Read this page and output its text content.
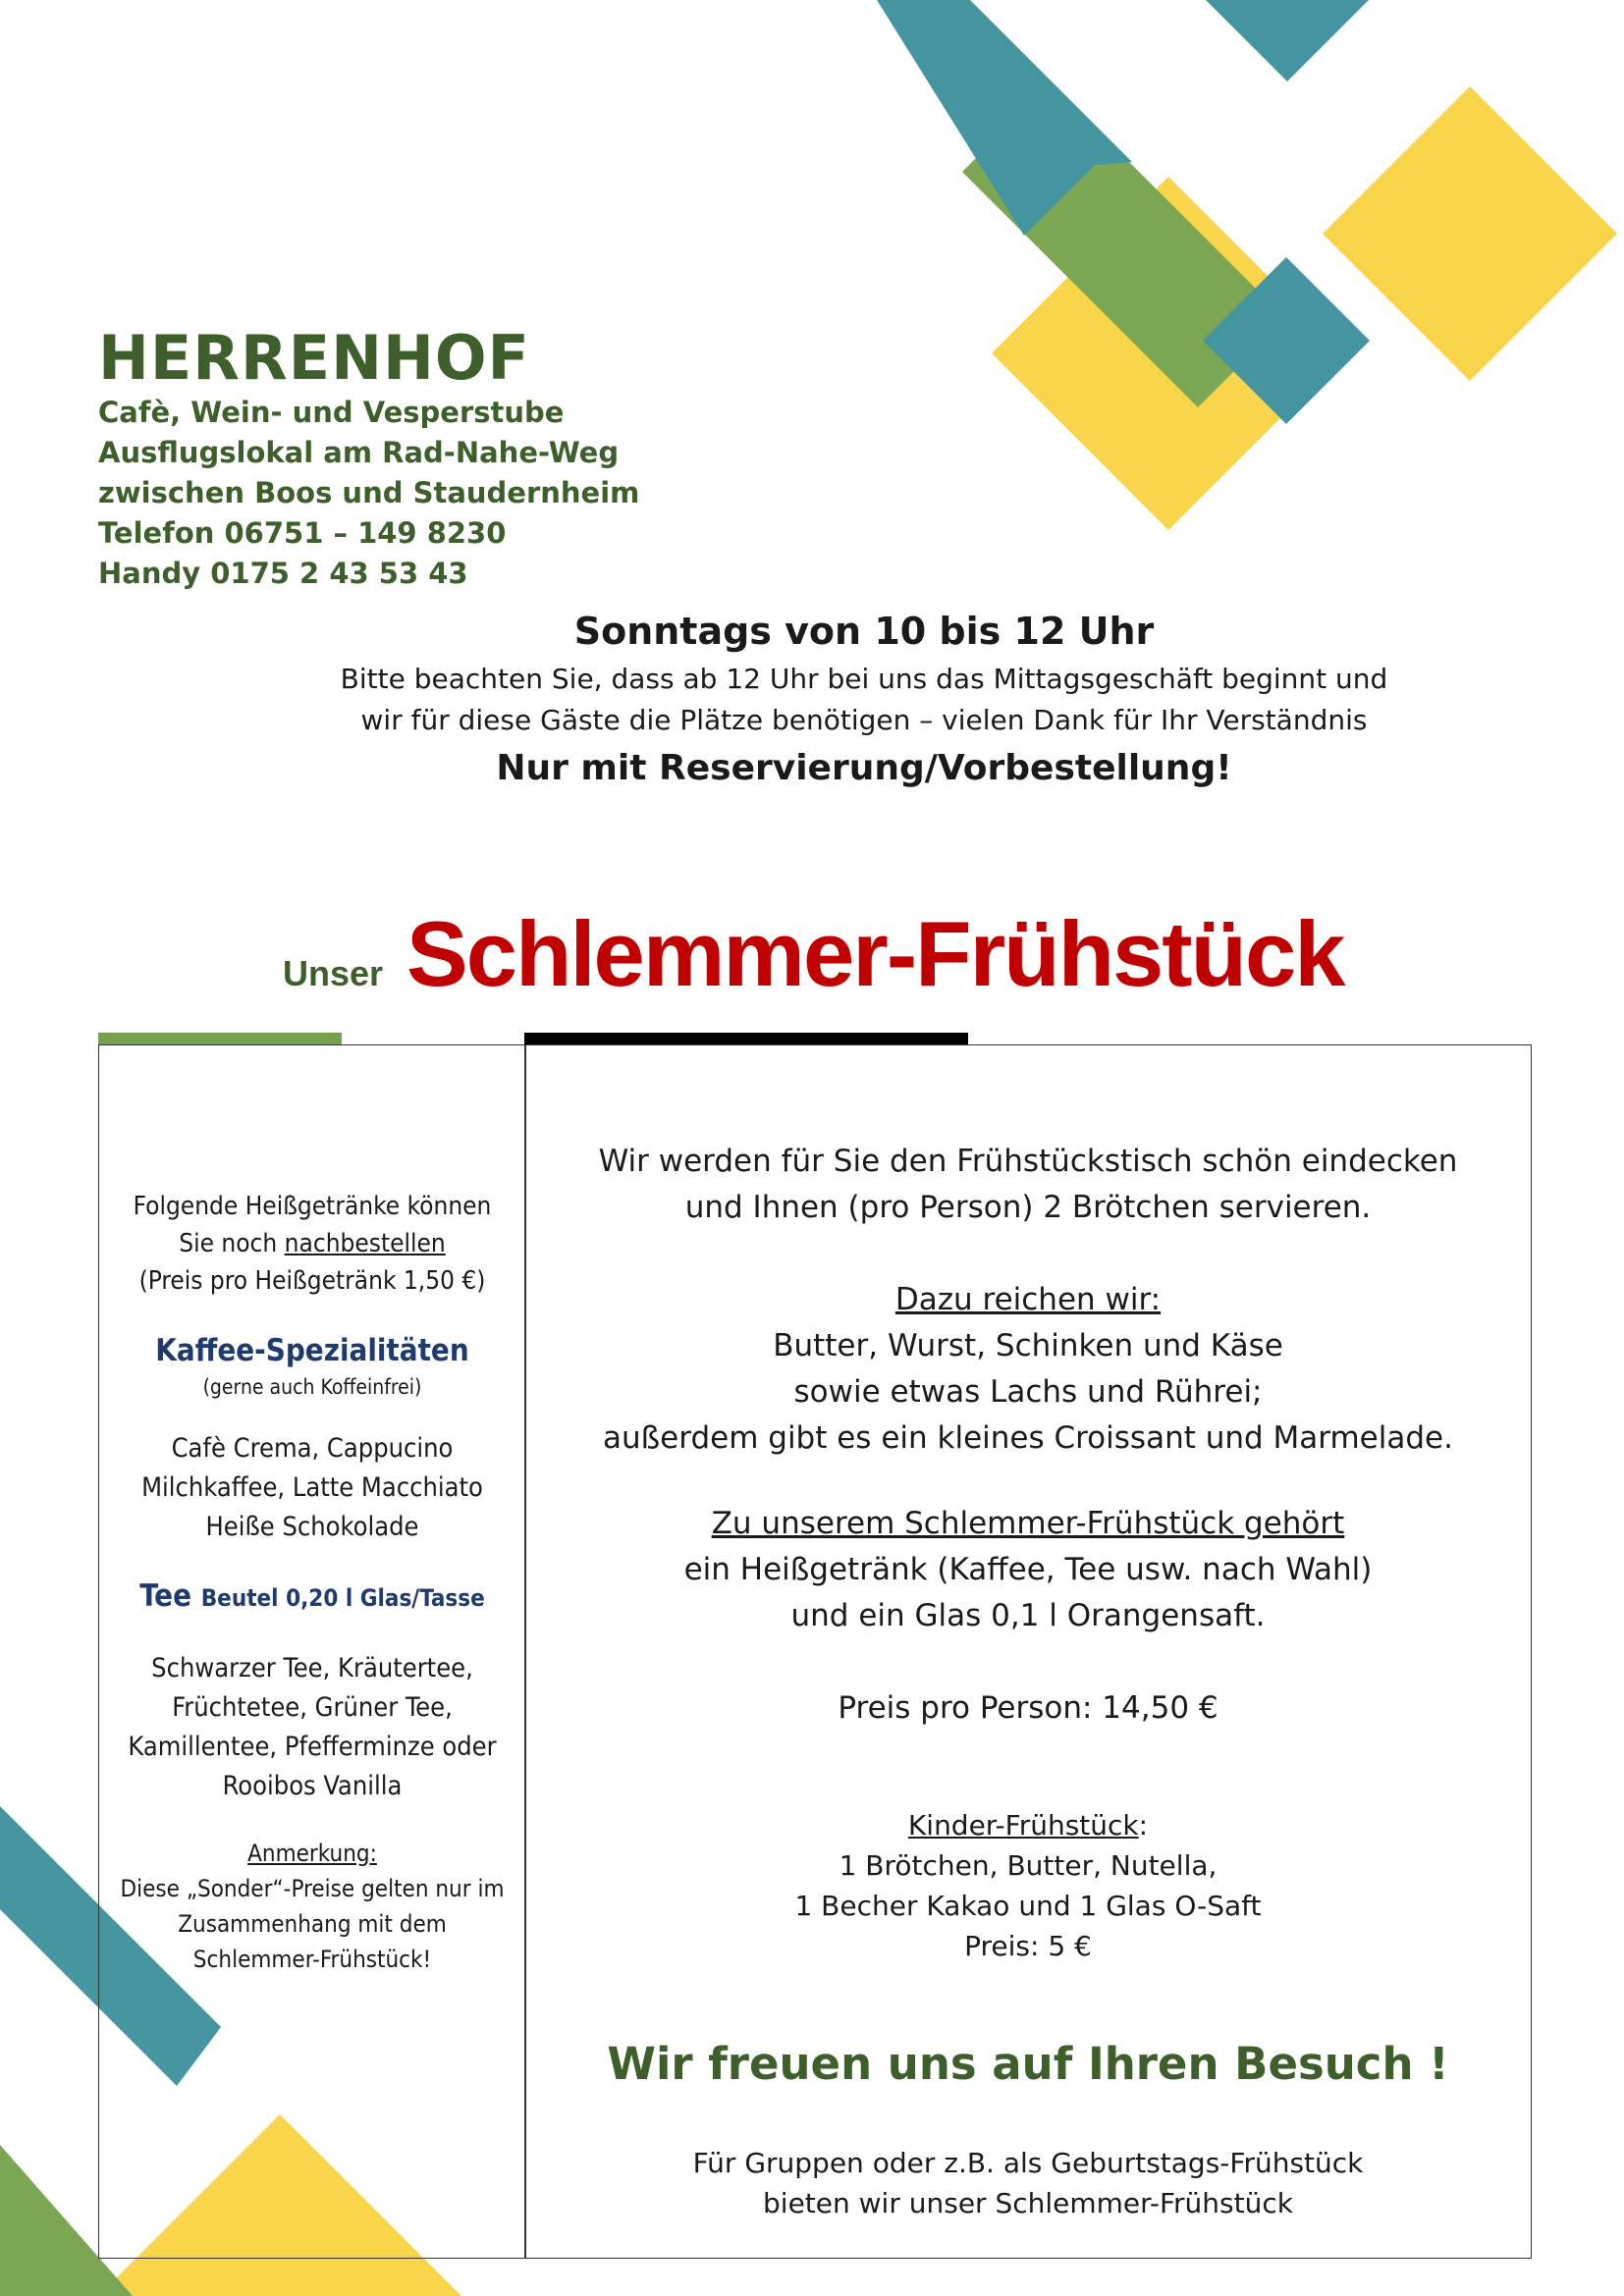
HERRENHOF

Cafè, Wein- und Vesperstube

Ausflugslokal am Rad-Nahe-Weg

zwischen Boos und Staudernheim

Telefon 06751 – 149 8230

Handy 0175 2 43 53 43

Sonntags von 10 bis 12 Uhr

Bitte beachten Sie, dass ab 12 Uhr bei uns das Mittagsgeschäft beginnt und

wir für diese Gäste die Plätze benötigen – vielen Dank für Ihr Verständnis

Nur mit Reservierung/Vorbestellung!

Unser Schlemmer-Frühstück

Folgende Heißgetränke können

Sie noch nachbestellen

(Preis pro Heißgetränk 1,50 €)

Kaffee-Spezialitäten

(gerne auch Koffeinfrei)

Cafè Crema, Cappucino

Milchkaffee, Latte Macchiato

Heiße Schokolade

Tee Beutel 0,20 l Glas/Tasse

Schwarzer Tee, Kräutertee,

Früchtetee, Grüner Tee,

Kamillentee, Pfefferminze oder

Rooibos Vanilla

Anmerkung:

Diese „Sonder“-Preise gelten nur im

Zusammenhang mit dem

Schlemmer-Frühstück!

Wir werden für Sie den Frühstückstisch schön eindecken

und Ihnen (pro Person) 2 Brötchen servieren.

Dazu reichen wir:

Butter, Wurst, Schinken und Käse

sowie etwas Lachs und Rührei;

außerdem gibt es ein kleines Croissant und Marmelade.

Zu unserem Schlemmer-Frühstück gehört

ein Heißgetränk (Kaffee, Tee usw. nach Wahl)

und ein Glas 0,1 l Orangensaft.

Preis pro Person: 14,50 €

Kinder-Frühstück:

1 Brötchen, Butter, Nutella,

1 Becher Kakao und 1 Glas O-Saft

Preis: 5 €

Wir freuen uns auf Ihren Besuch !

Für Gruppen oder z.B. als Geburtstags-Frühstück

bieten wir unser Schlemmer-Frühstück
